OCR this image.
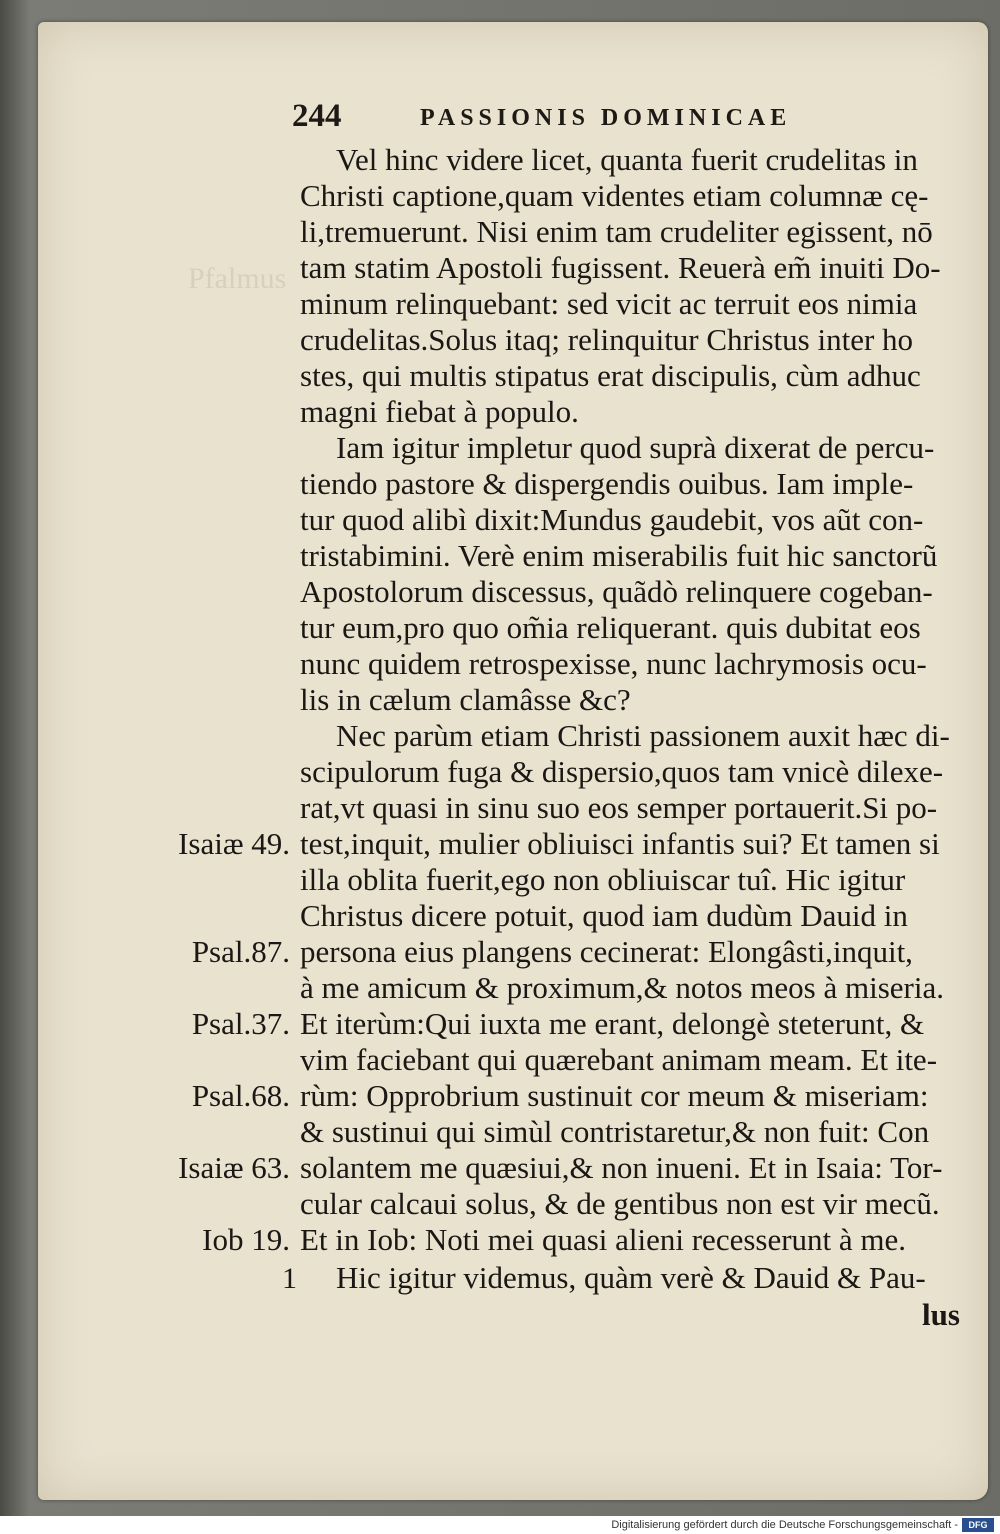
Pfalmus
244	PASSIONIS DOMINICAE
Vel hinc videre licet, quanta fuerit crudelitas in
Christi captione,quam videntes etiam columnæ cę-
li,tremuerunt. Nisi enim tam crudeliter egissent, nō
tam statim Apostoli fugissent. Reuerà em̃ inuiti Do-
minum relinquebant: sed vicit ac terruit eos nimia
crudelitas.Solus itaq; relinquitur Christus inter ho
stes, qui multis stipatus erat discipulis, cùm adhuc
magni fiebat à populo.
Iam igitur impletur quod suprà dixerat de percu-
tiendo pastore & dispergendis ouibus. Iam imple-
tur quod alibì dixit:Mundus gaudebit, vos aũt con-
tristabimini. Verè enim miserabilis fuit hic sanctorũ
Apostolorum discessus, quãdò relinquere cogeban-
tur eum,pro quo om̃ia reliquerant. quis dubitat eos
nunc quidem retrospexisse, nunc lachrymosis ocu-
lis in cælum clamâsse &c?
Nec parùm etiam Christi passionem auxit hæc di-
scipulorum fuga & dispersio,quos tam vnicè dilexe-
rat,vt quasi in sinu suo eos semper portauerit.Si po-
test,inquit, mulier obliuisci infantis sui? Et tamen si
illa oblita fuerit,ego non obliuiscar tuî. Hic igitur
Christus dicere potuit, quod iam dudùm Dauid in
persona eius plangens cecinerat: Elongâsti,inquit,
à me amicum & proximum,& notos meos à miseria.
Et iterùm:Qui iuxta me erant, delongè steterunt, &
vim faciebant qui quærebant animam meam. Et ite-
rùm: Opprobrium sustinuit cor meum & miseriam:
& sustinui qui simùl contristaretur,& non fuit: Con
solantem me quæsiui,& non inueni. Et in Isaia: Tor-
cular calcaui solus, & de gentibus non est vir mecũ.
Et in Iob: Noti mei quasi alieni recesserunt à me.
Hic igitur videmus, quàm verè & Dauid & Pau-
Isaiæ 49.
Psal.87.
Psal.37.
Psal.68.
Isaiæ 63.
Iob 19.
1
lus
Digitalisierung gefördert durch die Deutsche Forschungsgemeinschaft -	DFG
